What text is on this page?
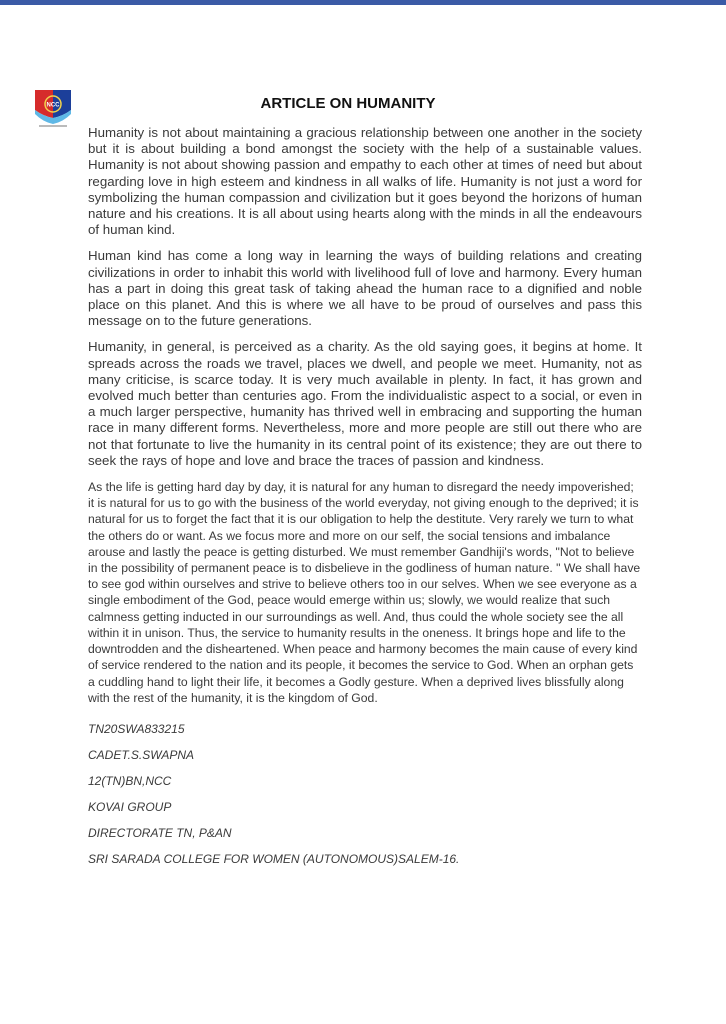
NCC	ARTICLE ON HUMANITY

Humanity is not about maintaining a gracious relationship between one another in the society but it is about building a bond amongst the society with the help of a sustainable values. Humanity is not about showing passion and empathy to each other at times of need but about regarding love in high esteem and kindness in all walks of life. Humanity is not just a word for symbolizing the human compassion and civilization but it goes beyond the horizons of human nature and his creations. It is all about using hearts along with the minds in all the endeavours of human kind.

Human kind has come a long way in learning the ways of building relations and creating civilizations in order to inhabit this world with livelihood full of love and harmony. Every human has a part in doing this great task of taking ahead the human race to a dignified and noble place on this planet. And this is where we all have to be proud of ourselves and pass this message on to the future generations.

Humanity, in general, is perceived as a charity. As the old saying goes, it begins at home. It spreads across the roads we travel, places we dwell, and people we meet. Humanity, not as many criticise, is scarce today. It is very much available in plenty. In fact, it has grown and evolved much better than centuries ago. From the individualistic aspect to a social, or even in a much larger perspective, humanity has thrived well in embracing and supporting the human race in many different forms. Nevertheless, more and more people are still out there who are not that fortunate to live the humanity in its central point of its existence; they are out there to seek the rays of hope and love and brace the traces of passion and kindness.

As the life is getting hard day by day, it is natural for any human to disregard the needy impoverished; it is natural for us to go with the business of the world everyday, not giving enough to the deprived; it is natural for us to forget the fact that it is our obligation to help the destitute. Very rarely we turn to what the others do or want. As we focus more and more on our self, the social tensions and imbalance arouse and lastly the peace is getting disturbed. We must remember Gandhiji's words, "Not to believe in the possibility of permanent peace is to disbelieve in the godliness of human nature. " We shall have to see god within ourselves and strive to believe others too in our selves. When we see everyone as a single embodiment of the God, peace would emerge within us; slowly, we would realize that such calmness getting inducted in our surroundings as well. And, thus could the whole society see the all within it in unison. Thus, the service to humanity results in the oneness. It brings hope and life to the downtrodden and the disheartened. When peace and harmony becomes the main cause of every kind of service rendered to the nation and its people, it becomes the service to God. When an orphan gets a cuddling hand to light their life, it becomes a Godly gesture. When a deprived lives blissfully along with the rest of the humanity, it is the kingdom of God.

TN20SWA833215

CADET.S.SWAPNA

12(TN)BN,NCC

KOVAI GROUP

DIRECTORATE TN, P&AN

SRI SARADA COLLEGE FOR WOMEN (AUTONOMOUS)SALEM-16.
